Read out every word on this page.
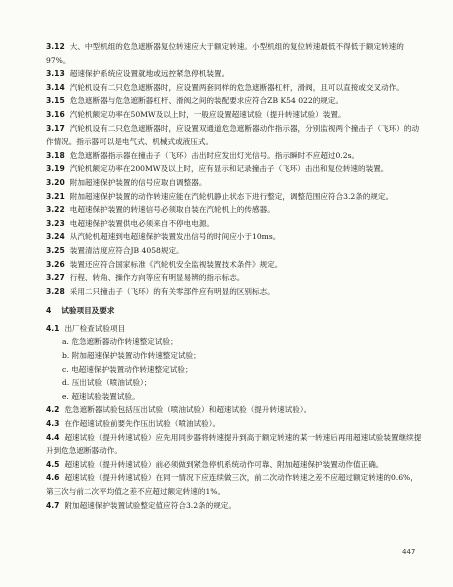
3.12 大、中型机组的危急遮断器复位转速应大于额定转速。小型机组的复位转速最低不得低于额定转速的97%。
3.13 超速保护系统应设置就地或远控紧急停机装置。
3.14 汽轮机设有二只危急遮断器时，应设置两套同样的危急遮断器杠杆，滑阀，且可以直接或交叉动作。
3.15 危急遮断器与危急遮断器杠杆、滑阀之间的装配要求应符合ZB K54 022的规定。
3.16 汽轮机额定功率在50MW及以上时，一般应设置超速试验（提升转速试验）装置。
3.17 汽轮机设有二只危急遮断器时，应设置双通道危急遮断器动作指示器，分别监视两个撞击子（飞环）的动作情况。指示器可以是电气式、机械式或液压式。
3.18 危急遮断器指示器在撞击子（飞环）击出时应发出灯光信号。指示瞬时不应超过0.2s。
3.19 汽轮机额定功率在200MW及以上时，应有显示和记录撞击子（飞环）击出和复位转速的装置。
3.20 附加超速保护装置的信号应取自调整器。
3.21 附加超速保护装置的动作转速应能在汽轮机静止状态下进行整定，调整范围应符合3.2条的规定。
3.22 电超速保护装置的转速信号必须取自装在汽轮机上的传感器。
3.23 电超速保护装置供电必须来自不停电电源。
3.24 从汽轮机超速到电超速保护装置发出信号的时间应小于10ms。
3.25 装置清洁度应符合JB 4058规定。
3.26 装置还应符合国家标准《汽轮机安全监视装置技术条件》规定。
3.27 行程、转角、操作方向等应有明显易辨的指示标志。
3.28 采用二只撞击子（飞环）的有关零部件应有明显的区别标志。
4 试验项目及要求
4.1 出厂检查试验项目
a. 危急遮断器动作转速整定试验；
b. 附加超速保护装置动作转速整定试验；
c. 电超速保护装置动作转速整定试验；
d. 压出试验（喷油试验）；
e. 超速试验装置试验。
4.2 危急遮断器试验包括压出试验（喷油试验）和超速试验（提升转速试验）。
4.3 在作超速试验前要先作压出试验（喷油试验）。
4.4 超速试验（提升转速试验）应先用同步器将转速提升到高于额定转速的某一转速后再用超速试验装置继续提升到危急遮断器动作。
4.5 超速试验（提升转速试验）前必须做到紧急停机系统动作可靠、附加超速保护装置动作值正确。
4.6 超速试验（提升转速试验）在同一情况下应连续做三次，前二次动作转速之差不应超过额定转速的0.6%，第三次与前二次平均值之差不应超过额定转速的1%。
4.7 附加超速保护装置试验整定值应符合3.2条的规定。
447
